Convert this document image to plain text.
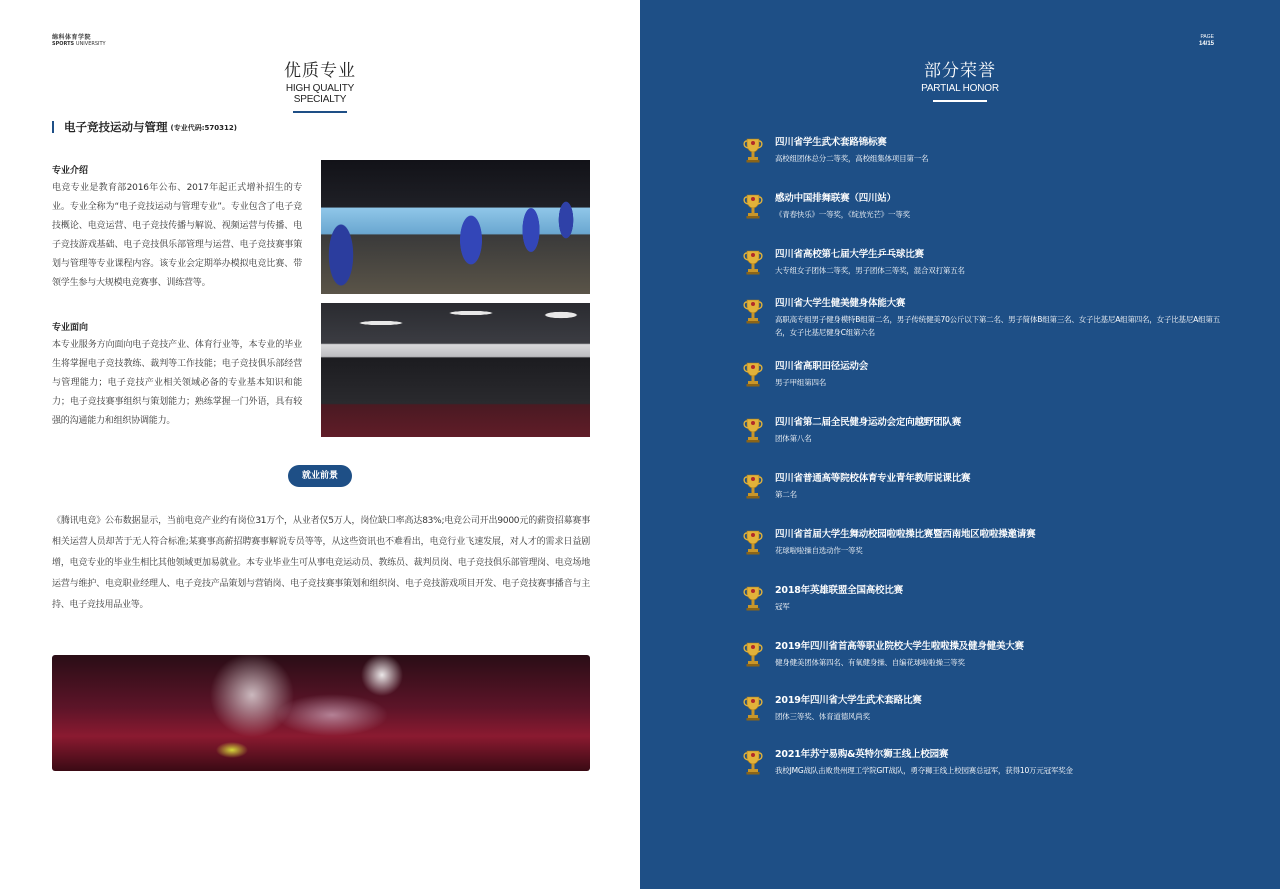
绵科体育学院
SPORTS UNIVERSITY
优质专业
HIGH QUALITY SPECIALTY
电子竞技运动与管理 (专业代码:570312)
专业介绍

电竞专业是教育部2016年公布、2017年起正式增补招生的专业。专业全称为“电子竞技运动与管理专业”。专业包含了电子竞技概论、电竞运营、电子竞技传播与解说、视频运营与传播、电子竞技游戏基础、电子竞技俱乐部管理与运营、电子竞技赛事策划与管理等专业课程内容。该专业会定期举办模拟电竞比赛、带领学生参与大规模电竞赛事、训练营等。

专业面向

本专业服务方向面向电子竞技产业、体育行业等，本专业的毕业生将掌握电子竞技教练、裁判等工作技能；电子竞技俱乐部经营与管理能力；电子竞技产业相关领域必备的专业基本知识和能力；电子竞技赛事组织与策划能力；熟练掌握一门外语，具有较强的沟通能力和组织协调能力。

就业前景
《腾讯电竞》公布数据显示，当前电竞产业约有岗位31万个，从业者仅5万人，岗位缺口率高达83%;电竞公司开出9000元的薪资招募赛事相关运营人员却苦于无人符合标准;某赛事高薪招聘赛事解说专员等等，从这些资讯也不难看出，电竞行业飞速发展，对人才的需求日益剧增，电竞专业的毕业生相比其他领域更加易就业。本专业毕业生可从事电竞运动员、教练员、裁判员岗、电子竞技俱乐部管理岗、电竞场地运营与维护、电竞职业经理人、电子竞技产品策划与营销岗、电子竞技赛事策划和组织岗、电子竞技游戏项目开发、电子竞技赛事播音与主持、电子竞技用品业等。
PAGE
14/15
部分荣誉
PARTIAL HONOR
四川省学生武术套路锦标赛
高校组团体总分二等奖，高校组集体项目第一名
感动中国排舞联赛（四川站）
《青春快乐》一等奖，《绽放光芒》一等奖
四川省高校第七届大学生乒乓球比赛
大专组女子团体二等奖，男子团体三等奖，混合双打第五名
四川省大学生健美健身体能大赛
高职高专组男子健身模特B组第二名，男子传统健美70公斤以下第二名、男子简体B组第三名、女子比基尼A组第四名，女子比基尼A组第五名，女子比基尼健身C组第六名
四川省高职田径运动会
男子甲组第四名
四川省第二届全民健身运动会定向越野团队赛
团体第八名
四川省普通高等院校体育专业青年教师说课比赛
第二名
四川省首届大学生舞动校园啦啦操比赛暨西南地区啦啦操邀请赛
花球啦啦操自选动作一等奖
2018年英雄联盟全国高校比赛
冠军
2019年四川省首高等职业院校大学生啦啦操及健身健美大赛
健身健美团体第四名、有氧健身操、自编花球啦啦操三等奖
2019年四川省大学生武术套路比赛
团体三等奖、体育道德风尚奖
2021年苏宁易购&英特尔狮王线上校园赛
我校JMG战队击败贵州理工学院GIT战队，勇夺狮王线上校园赛总冠军，获得10万元冠军奖金
